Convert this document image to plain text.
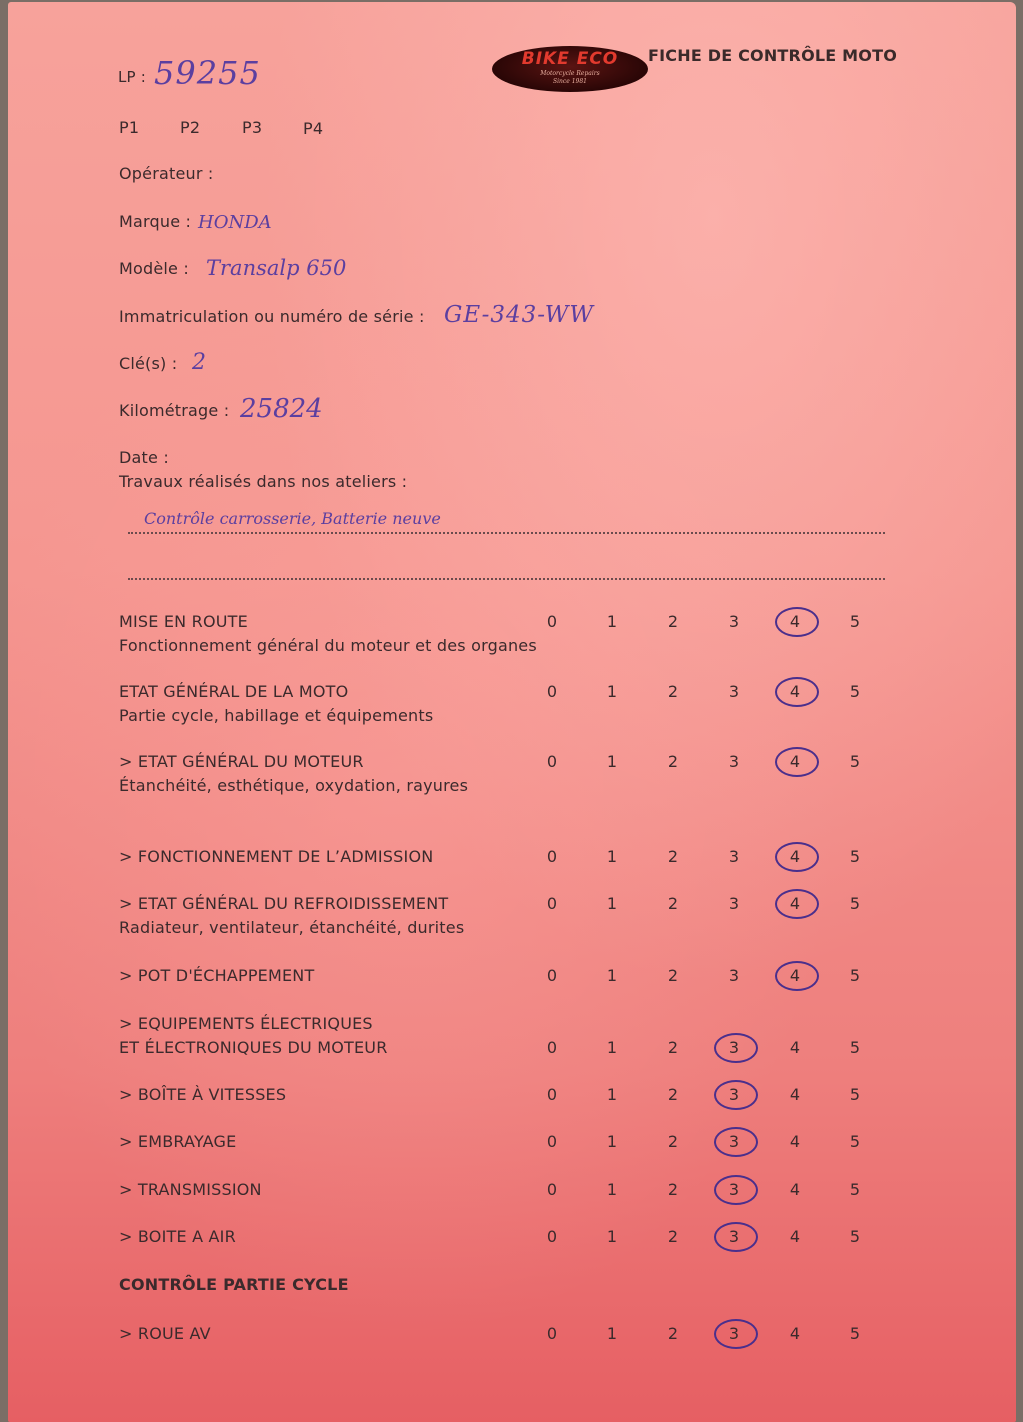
BIKE ECO
Motorcycle Repairs
Since 1981
FICHE DE CONTRÔLE MOTO
LP : 59255
P1	P2	P3	P4
Opérateur :
Marque : HONDA
Modèle : Transalp 650
Immatriculation ou numéro de série : GE-343-WW
Clé(s) : 2
Kilométrage : 25824
Date :
Travaux réalisés dans nos ateliers :
Contrôle carrosserie, Batterie neuve
MISE EN ROUTE
Fonctionnement général du moteur et des organes
0	1	2	3	4	5
ETAT GÉNÉRAL DE LA MOTO
Partie cycle, habillage et équipements
0	1	2	3	4	5
> ETAT GÉNÉRAL DU MOTEUR
Étanchéité, esthétique, oxydation, rayures
0	1	2	3	4	5
> FONCTIONNEMENT DE L’ADMISSION	0	1	2	3	4	5
> ETAT GÉNÉRAL DU REFROIDISSEMENT
Radiateur, ventilateur, étanchéité, durites
0	1	2	3	4	5
> POT D'ÉCHAPPEMENT	0	1	2	3	4	5
> EQUIPEMENTS ÉLECTRIQUES
ET ÉLECTRONIQUES DU MOTEUR	0	1	2	3	4	5
> BOÎTE À VITESSES	0	1	2	3	4	5
> EMBRAYAGE	0	1	2	3	4	5
> TRANSMISSION	0	1	2	3	4	5
> BOITE A AIR	0	1	2	3	4	5
CONTRÔLE PARTIE CYCLE
> ROUE AV	0	1	2	3	4	5
